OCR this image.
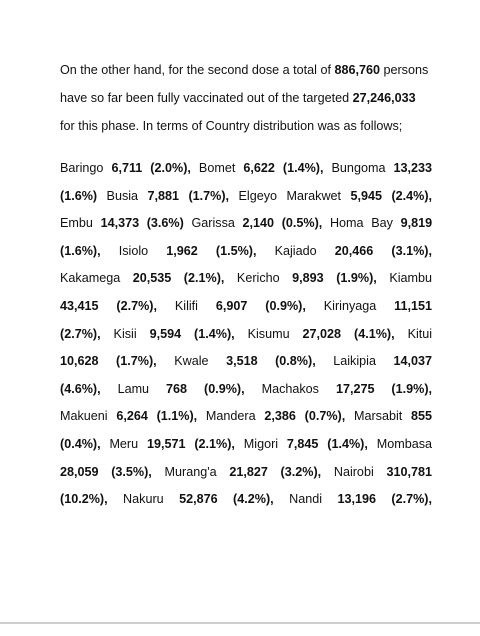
On the other hand, for the second dose a total of 886,760 persons
have so far been fully vaccinated out of the targeted 27,246,033
for this phase. In terms of Country distribution was as follows;
Baringo 6,711 (2.0%), Bomet 6,622 (1.4%), Bungoma 13,233
(1.6%) Busia 7,881 (1.7%), Elgeyo Marakwet 5,945 (2.4%),
Embu 14,373 (3.6%) Garissa 2,140 (0.5%), Homa Bay 9,819
(1.6%), Isiolo 1,962 (1.5%), Kajiado 20,466 (3.1%),
Kakamega 20,535 (2.1%), Kericho 9,893 (1.9%), Kiambu
43,415 (2.7%), Kilifi 6,907 (0.9%), Kirinyaga 11,151
(2.7%), Kisii 9,594 (1.4%), Kisumu 27,028 (4.1%), Kitui
10,628 (1.7%), Kwale 3,518 (0.8%), Laikipia 14,037
(4.6%), Lamu 768 (0.9%), Machakos 17,275 (1.9%),
Makueni 6,264 (1.1%), Mandera 2,386 (0.7%), Marsabit 855
(0.4%), Meru 19,571 (2.1%), Migori 7,845 (1.4%), Mombasa
28,059 (3.5%), Murang'a 21,827 (3.2%), Nairobi 310,781
(10.2%), Nakuru 52,876 (4.2%), Nandi 13,196 (2.7%),
